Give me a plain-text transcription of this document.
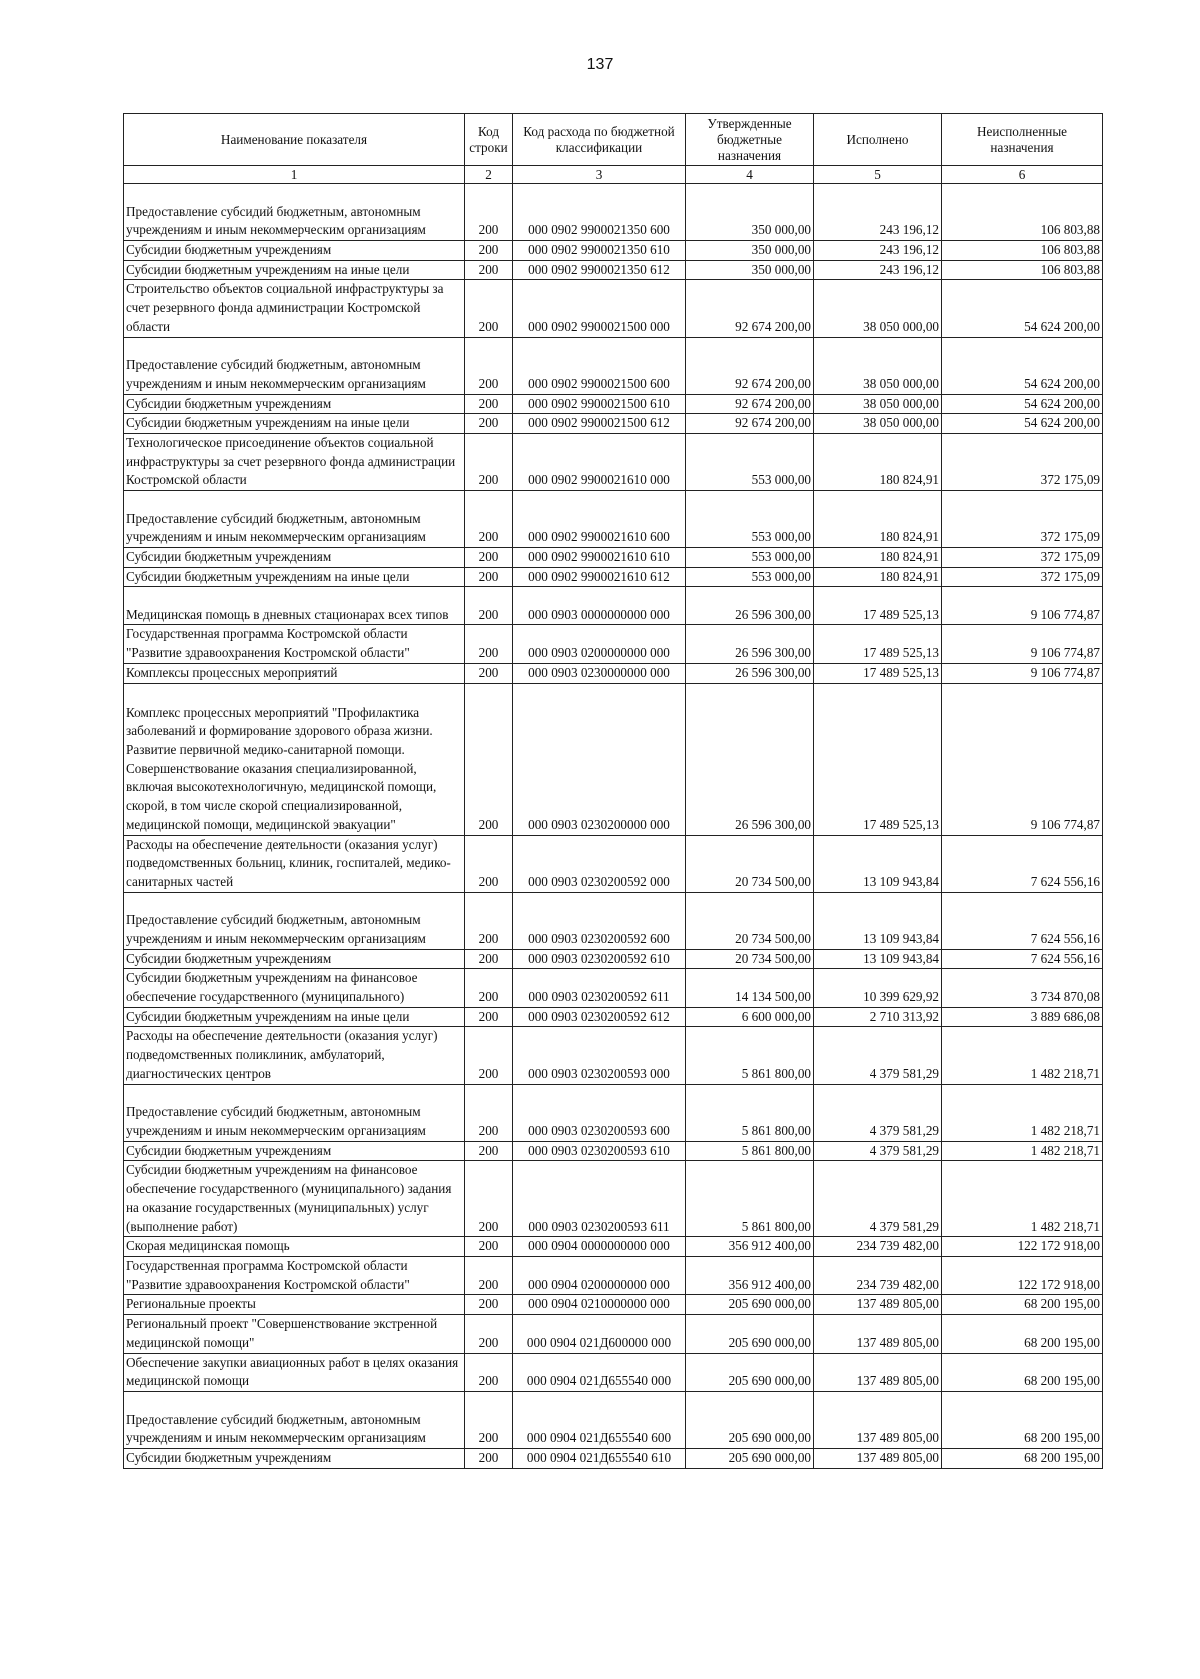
137
Наименование показателя	Код строки	Код расхода по бюджетной классификации	Утвержденные бюджетные назначения	Исполнено	Неисполненные назначения
1	2	3	4	5	6
Предоставление субсидий бюджетным, автономным учреждениям и иным некоммерческим организациям	200	000 0902 9900021350 600	350 000,00	243 196,12	106 803,88
Субсидии бюджетным учреждениям	200	000 0902 9900021350 610	350 000,00	243 196,12	106 803,88
Субсидии бюджетным учреждениям на иные цели	200	000 0902 9900021350 612	350 000,00	243 196,12	106 803,88
Строительство объектов социальной инфраструктуры за счет резервного фонда администрации Костромской области	200	000 0902 9900021500 000	92 674 200,00	38 050 000,00	54 624 200,00
Предоставление субсидий бюджетным, автономным учреждениям и иным некоммерческим организациям	200	000 0902 9900021500 600	92 674 200,00	38 050 000,00	54 624 200,00
Субсидии бюджетным учреждениям	200	000 0902 9900021500 610	92 674 200,00	38 050 000,00	54 624 200,00
Субсидии бюджетным учреждениям на иные цели	200	000 0902 9900021500 612	92 674 200,00	38 050 000,00	54 624 200,00
Технологическое присоединение объектов социальной инфраструктуры за счет резервного фонда администрации Костромской области	200	000 0902 9900021610 000	553 000,00	180 824,91	372 175,09
Предоставление субсидий бюджетным, автономным учреждениям и иным некоммерческим организациям	200	000 0902 9900021610 600	553 000,00	180 824,91	372 175,09
Субсидии бюджетным учреждениям	200	000 0902 9900021610 610	553 000,00	180 824,91	372 175,09
Субсидии бюджетным учреждениям на иные цели	200	000 0902 9900021610 612	553 000,00	180 824,91	372 175,09
Медицинская помощь в дневных стационарах всех типов	200	000 0903 0000000000 000	26 596 300,00	17 489 525,13	9 106 774,87
Государственная программа Костромской области "Развитие здравоохранения Костромской области"	200	000 0903 0200000000 000	26 596 300,00	17 489 525,13	9 106 774,87
Комплексы процессных мероприятий	200	000 0903 0230000000 000	26 596 300,00	17 489 525,13	9 106 774,87
Комплекс процессных мероприятий "Профилактика заболеваний и формирование здорового образа жизни. Развитие первичной медико-санитарной помощи. Совершенствование оказания специализированной, включая высокотехнологичную, медицинской помощи, скорой, в том числе скорой специализированной, медицинской помощи, медицинской эвакуации"	200	000 0903 0230200000 000	26 596 300,00	17 489 525,13	9 106 774,87
Расходы на обеспечение деятельности (оказания услуг) подведомственных больниц, клиник, госпиталей, медико-санитарных частей	200	000 0903 0230200592 000	20 734 500,00	13 109 943,84	7 624 556,16
Предоставление субсидий бюджетным, автономным учреждениям и иным некоммерческим организациям	200	000 0903 0230200592 600	20 734 500,00	13 109 943,84	7 624 556,16
Субсидии бюджетным учреждениям	200	000 0903 0230200592 610	20 734 500,00	13 109 943,84	7 624 556,16
Субсидии бюджетным учреждениям на финансовое обеспечение государственного (муниципального)	200	000 0903 0230200592 611	14 134 500,00	10 399 629,92	3 734 870,08
Субсидии бюджетным учреждениям на иные цели	200	000 0903 0230200592 612	6 600 000,00	2 710 313,92	3 889 686,08
Расходы на обеспечение деятельности (оказания услуг) подведомственных поликлиник, амбулаторий, диагностических центров	200	000 0903 0230200593 000	5 861 800,00	4 379 581,29	1 482 218,71
Предоставление субсидий бюджетным, автономным учреждениям и иным некоммерческим организациям	200	000 0903 0230200593 600	5 861 800,00	4 379 581,29	1 482 218,71
Субсидии бюджетным учреждениям	200	000 0903 0230200593 610	5 861 800,00	4 379 581,29	1 482 218,71
Субсидии бюджетным учреждениям на финансовое обеспечение государственного (муниципального) задания на оказание государственных (муниципальных) услуг (выполнение работ)	200	000 0903 0230200593 611	5 861 800,00	4 379 581,29	1 482 218,71
Скорая медицинская помощь	200	000 0904 0000000000 000	356 912 400,00	234 739 482,00	122 172 918,00
Государственная программа Костромской области "Развитие здравоохранения Костромской области"	200	000 0904 0200000000 000	356 912 400,00	234 739 482,00	122 172 918,00
Региональные проекты	200	000 0904 0210000000 000	205 690 000,00	137 489 805,00	68 200 195,00
Региональный проект "Совершенствование экстренной медицинской помощи"	200	000 0904 021Д600000 000	205 690 000,00	137 489 805,00	68 200 195,00
Обеспечение закупки авиационных работ в целях оказания медицинской помощи	200	000 0904 021Д655540 000	205 690 000,00	137 489 805,00	68 200 195,00
Предоставление субсидий бюджетным, автономным учреждениям и иным некоммерческим организациям	200	000 0904 021Д655540 600	205 690 000,00	137 489 805,00	68 200 195,00
Субсидии бюджетным учреждениям	200	000 0904 021Д655540 610	205 690 000,00	137 489 805,00	68 200 195,00
